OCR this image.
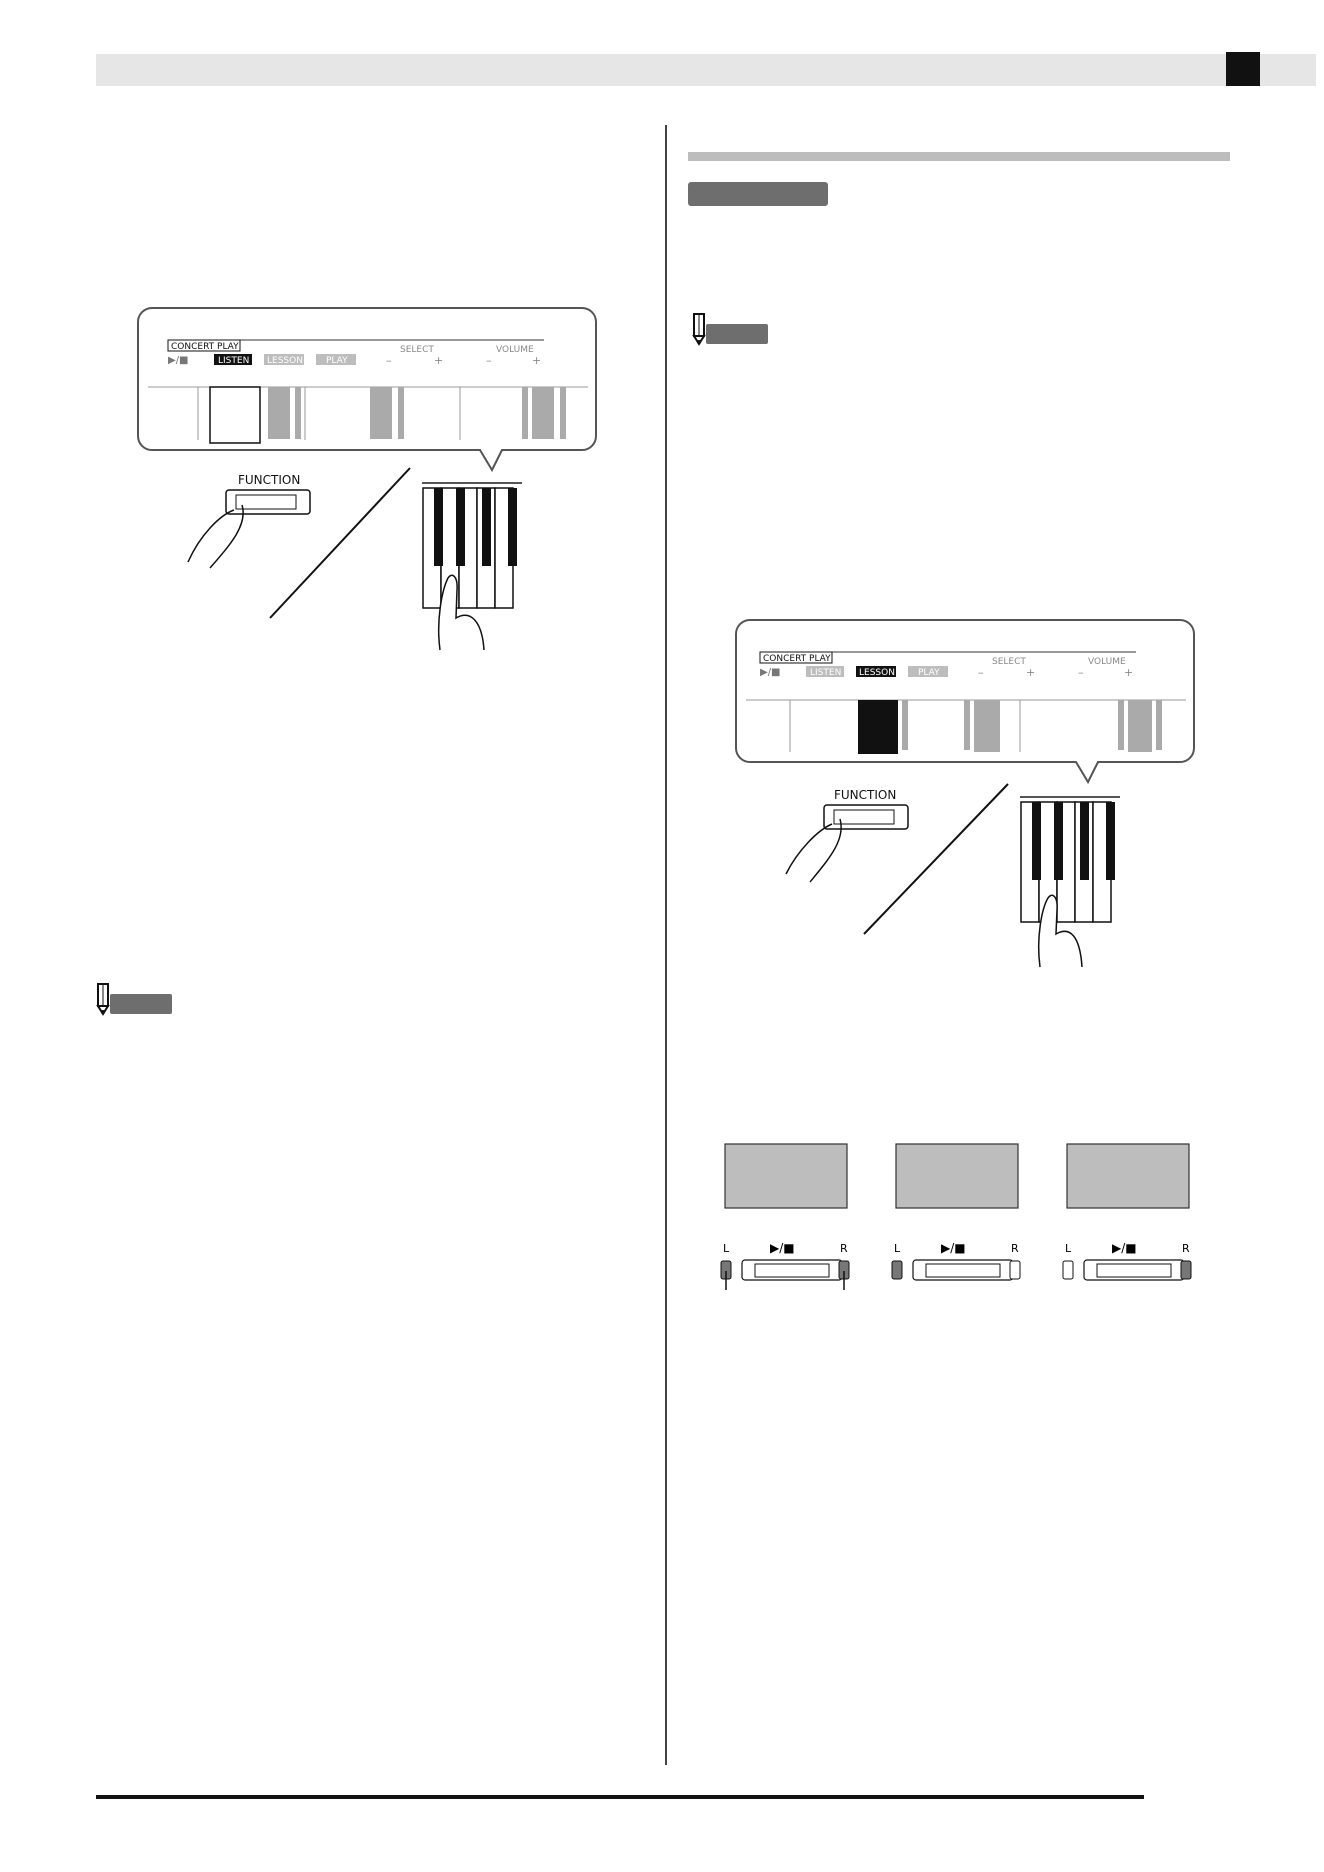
CONCERT PLAY
▶/■	LISTEN LESSON	PLAY
SELECT
–	+
VOLUME
–	+
FUNCTION
CONCERT PLAY
▶/■	LISTEN LESSON	PLAY
SELECT
–	+
VOLUME
–	+
FUNCTION
L	▶/■	R	L	▶/■	R	L	▶/■	R
